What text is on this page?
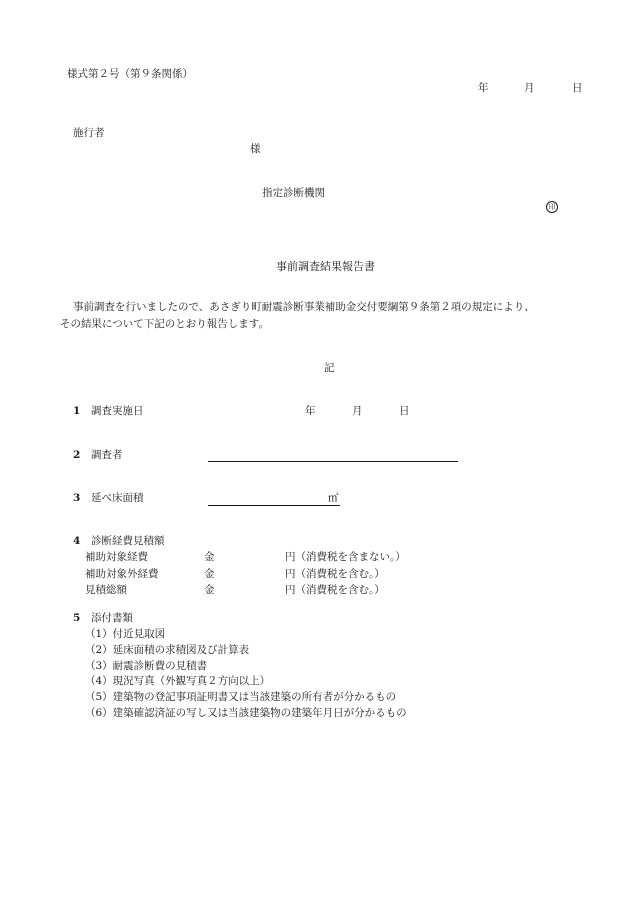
様式第２号（第９条関係）
年	月	日
施行者
様
指定診断機関
印
事前調査結果報告書
事前調査を行いましたので、あさぎり町耐震診断事業補助金交付要綱第９条第２項の規定により、
その結果について下記のとおり報告します。
記
1 調査実施日	年	月	日
2 調査者
3 延べ床面積	㎡
4 診断経費見積額
補助対象経費	金	円（消費税を含まない。）
補助対象外経費	金	円（消費税を含む。）
見積総額	金	円（消費税を含む。）
5 添付書類
（1）付近見取図
（2）延床面積の求積図及び計算表
（3）耐震診断費の見積書
（4）現況写真（外観写真２方向以上）
（5）建築物の登記事項証明書又は当該建築の所有者が分かるもの
（6）建築確認済証の写し又は当該建築物の建築年月日が分かるもの
